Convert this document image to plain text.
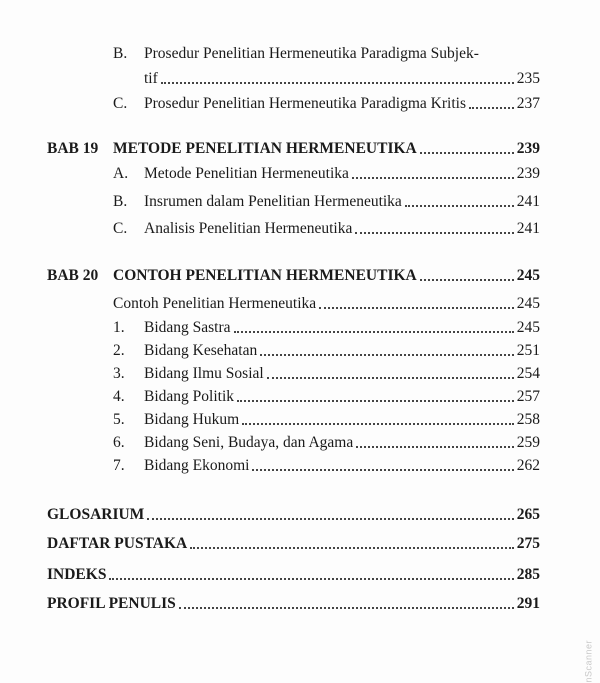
B. Prosedur Penelitian Hermeneutika Paradigma Subjek-
tif	235
C.	Prosedur Penelitian Hermeneutika Paradigma Kritis	237
BAB 19 METODE PENELITIAN HERMENEUTIKA	239
A.	Metode Penelitian Hermeneutika	239
B.	Insrumen dalam Penelitian Hermeneutika	241
C.	Analisis Penelitian Hermeneutika	241
BAB 20 CONTOH PENELITIAN HERMENEUTIKA	245
Contoh Penelitian Hermeneutika	245
1.	Bidang Sastra	245
2.	Bidang Kesehatan	251
3.	Bidang Ilmu Sosial	254
4.	Bidang Politik	257
5.	Bidang Hukum	258
6.	Bidang Seni, Budaya, dan Agama	259
7.	Bidang Ekonomi	262
GLOSARIUM	265
DAFTAR PUSTAKA	275
INDEKS	285
PROFIL PENULIS	291
nScanner
